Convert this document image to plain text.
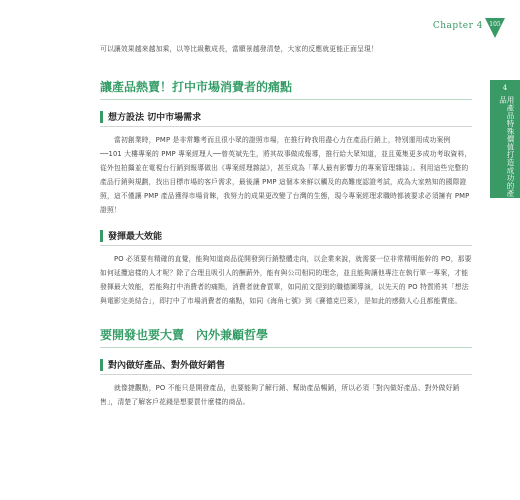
Chapter 4 105
4
用產品特殊價值打造成功的產品

可以讓效果越來越加乘，以等比級數成長，當願景越發清楚，大家的反應就更能正面呈現！

讓產品熱賣！打中市場消費者的痛點
想方設法 切中市場需求

當初創業時，PMP 是非常難考而且很小眾的證照市場，在推行時我用盡心力在產品行銷上，特別運用成功案例──101 大樓專案的 PMP 專案經理人──曾英斌先生，將其故事做成報導，推行給大眾知道，並且蒐集更多成功考取資料，從外包拍攝並在電視台行銷到報導做出《專案經理雜誌》，甚至成為「華人最有影響力的專案管理雜誌」。利用這些完整的產品行銷與規劃，找出目標市場的客戶需求，最後讓 PMP 這個本來鮮以觸及的高難度認證考試，成為大家熟知的國際證照，這不僅讓 PMP 產品獲得市場肯睞，我努力的成果更改變了台灣的生態，現今專案經理求職時都被要求必須擁有 PMP 證照！

發揮最大效能

PO 必須要有精確的直覺，能夠知道商品從開發到行銷整體走向，以企業來說，就需要一位非常精明能幹的 PO，那要如何延攬這樣的人才呢？除了合理且吸引人的酬薪外，能有與公司相同的理念，並且能夠讓他專注在執行單一專案，才能發揮最大效能，若能夠打中消費者的痛點，消費者就會買單，如同前文提到的職德圖導演，以先天的 PO 特質將其「想法與電影完美結合」，即打中了市場消費者的痛點，如同《海角七號》到《賽德克巴萊》，是如此的感動人心且都能賣座。

要開發也要大賣　內外兼顧哲學
對內做好產品、對外做好銷售

就像捷觀點，PO 不能只是開發產品，也要能夠了解行銷、幫助產品暢銷，所以必須「對內做好產品、對外做好銷售」，清楚了解客戶花錢是想要買什麼樣的商品。
